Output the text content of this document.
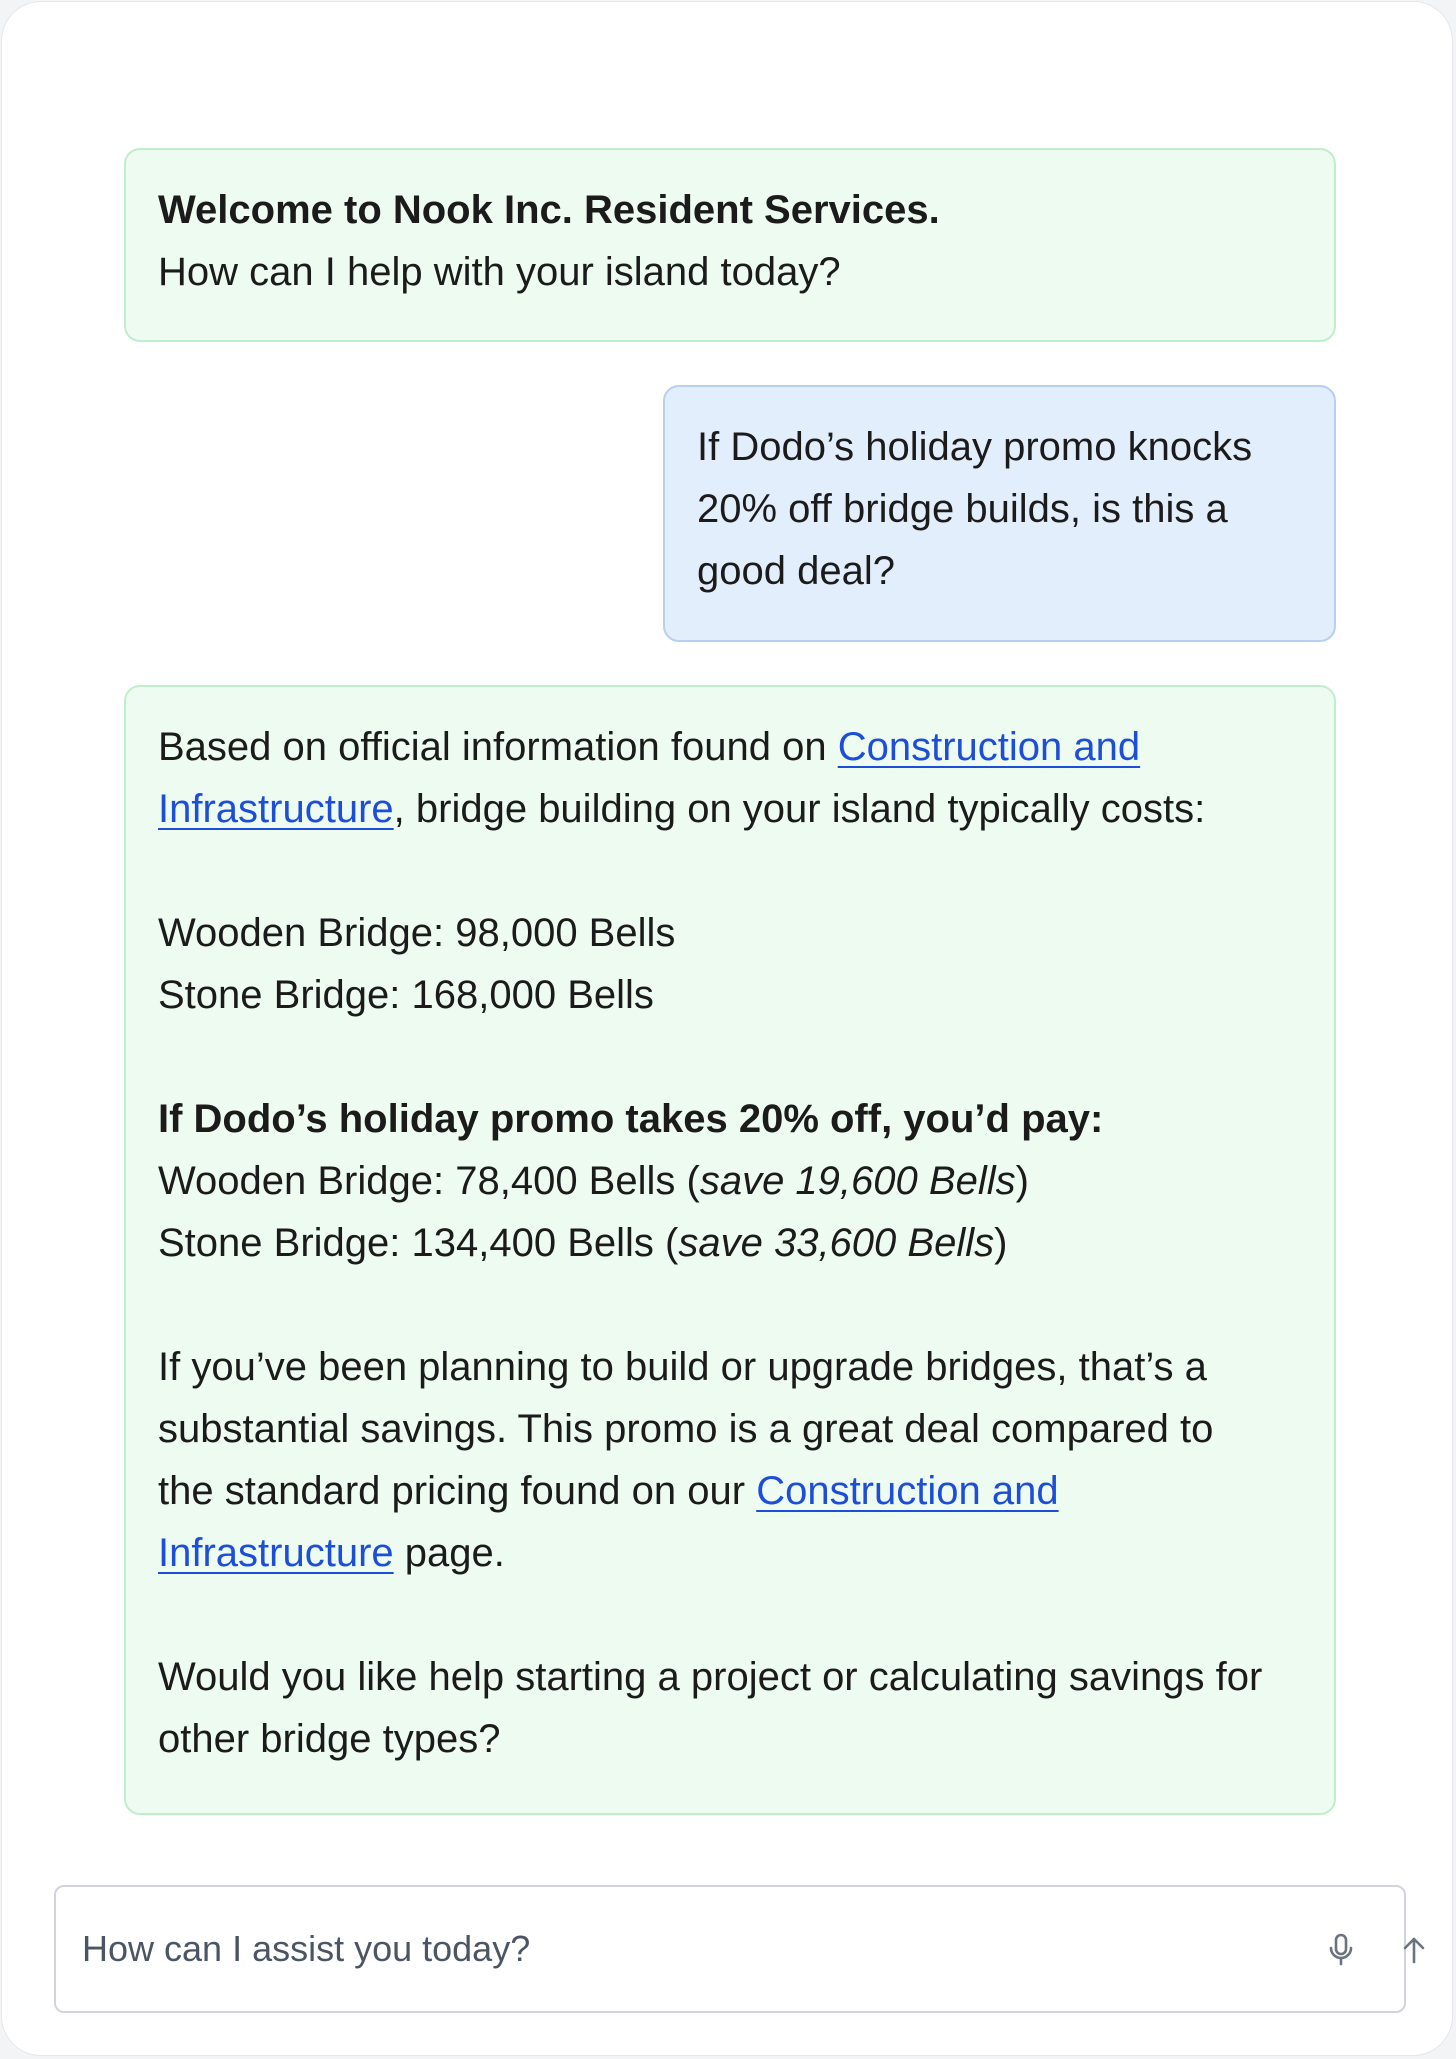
Welcome to Nook Inc. Resident Services.
How can I help with your island today?
If Dodo’s holiday promo knocks
20% off bridge builds, is this a
good deal?
Based on official information found on Construction and
Infrastructure, bridge building on your island typically costs:
Wooden Bridge: 98,000 Bells
Stone Bridge: 168,000 Bells
If Dodo’s holiday promo takes 20% off, you’d pay:
Wooden Bridge: 78,400 Bells (save 19,600 Bells)
Stone Bridge: 134,400 Bells (save 33,600 Bells)
If you’ve been planning to build or upgrade bridges, that’s a
substantial savings. This promo is a great deal compared to
the standard pricing found on our Construction and
Infrastructure page.
Would you like help starting a project or calculating savings for
other bridge types?
How can I assist you today?
